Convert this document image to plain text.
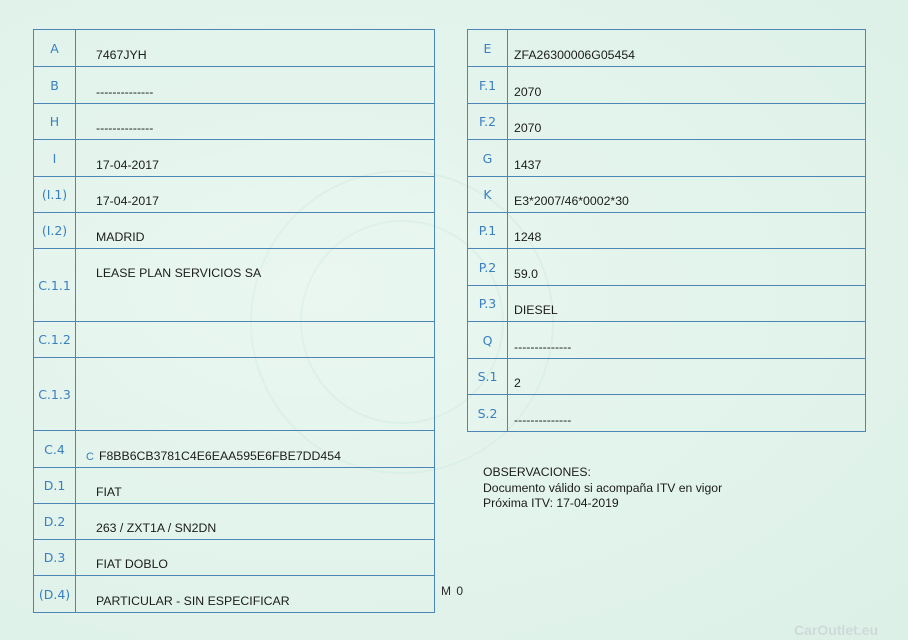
A	7467JYH
B	--------------
H	--------------
I	17-04-2017
(I.1)	17-04-2017
(I.2)	MADRID
C.1.1	LEASE PLAN SERVICIOS SA
C.1.2	
C.1.3	
C.4	C F8BB6CB3781C4E6EAA595E6FBE7DD454
D.1	FIAT
D.2	263 / ZXT1A / SN2DN
D.3	FIAT DOBLO
(D.4)	PARTICULAR - SIN ESPECIFICAR
E	ZFA26300006G05454
F.1	2070
F.2	2070
G	1437
K	E3*2007/46*0002*30
P.1	1248
P.2	59.0
P.3	DIESEL
Q	--------------
S.1	2
S.2	--------------
OBSERVACIONES:
Documento válido si acompaña ITV en vigor
Próxima ITV: 17-04-2019
M 0
CarOutlet.eu
